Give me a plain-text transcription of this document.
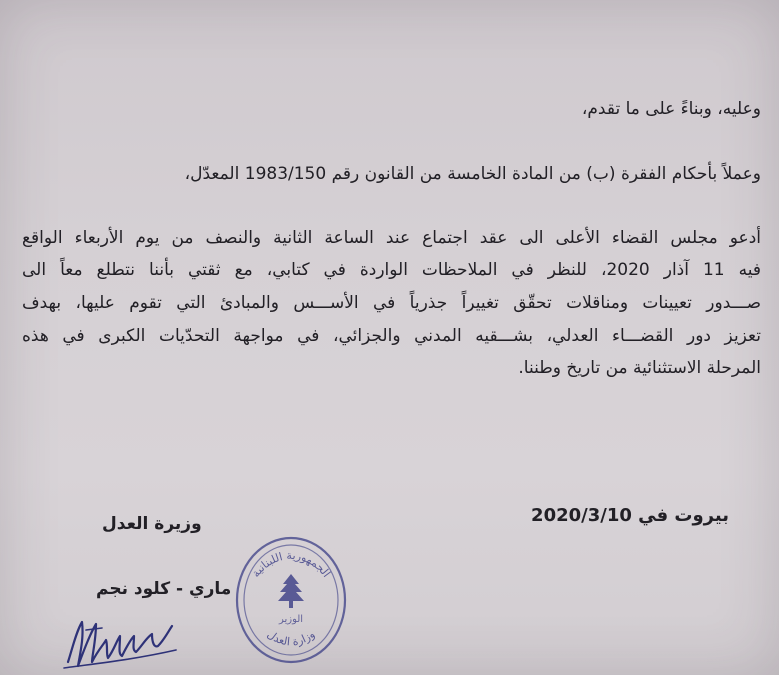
وعليه، وبناءً على ما تقدم،
وعملاً بأحكام الفقرة (ب) من المادة الخامسة من القانون رقم 1983/150 المعدّل،
أدعو مجلس القضاء الأعلى الى عقد اجتماع عند الساعة الثانية والنصف من يوم الأربعاء الواقع
فيه 11 آذار 2020، للنظر في الملاحظات الواردة في كتابي، مع ثقتي بأننا نتطلع معاً الى
صـــدور تعيينات ومناقلات تحقّق تغييراً جذرياً في الأســـس والمبادئ التي تقوم عليها، بهدف
تعزيز دور القضـــاء العدلي، بشـــقيه المدني والجزائي، في مواجهة التحدّيات الكبرى في هذه
المرحلة الاستثنائية من تاريخ وطننا.
بيروت في 2020/3/10
وزيرة العدل
ماري - كلود نجم
الجمهورية اللبنانية
وزارة العدل
الوزير
